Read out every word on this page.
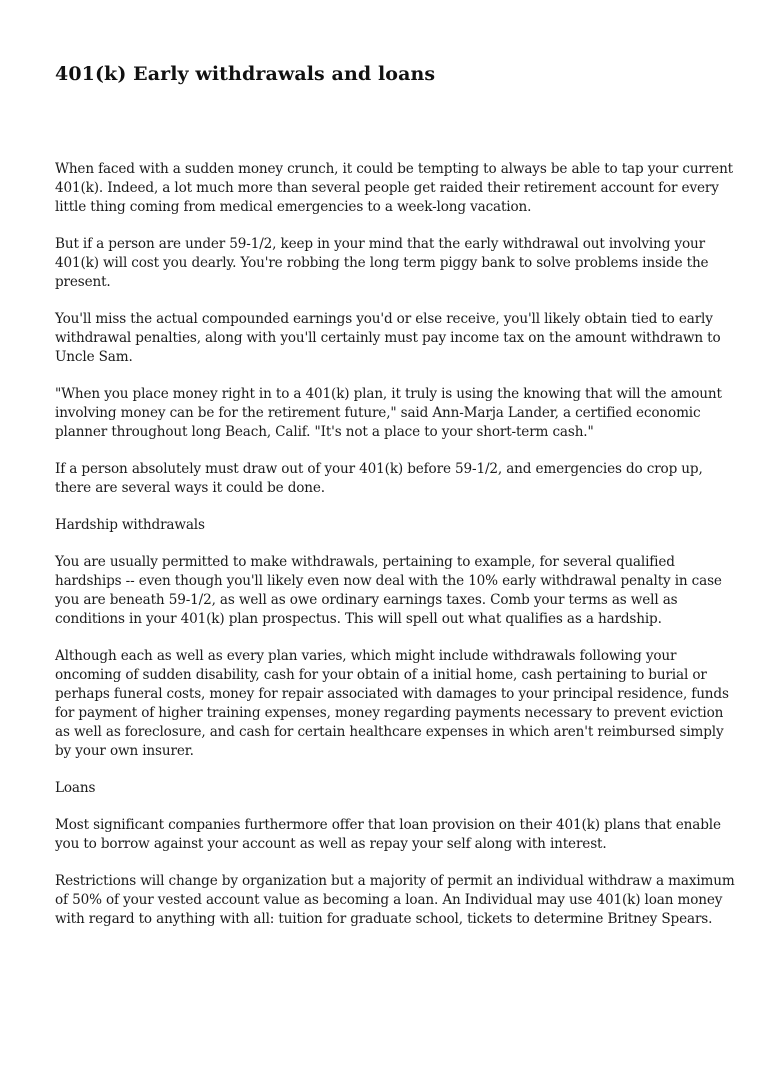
401(k) Early withdrawals and loans

When faced with a sudden money crunch, it could be tempting to always be able to tap your current
401(k). Indeed, a lot much more than several people get raided their retirement account for every
little thing coming from medical emergencies to a week-long vacation.

But if a person are under 59-1/2, keep in your mind that the early withdrawal out involving your
401(k) will cost you dearly. You're robbing the long term piggy bank to solve problems inside the
present.

You'll miss the actual compounded earnings you'd or else receive, you'll likely obtain tied to early
withdrawal penalties, along with you'll certainly must pay income tax on the amount withdrawn to
Uncle Sam.

"When you place money right in to a 401(k) plan, it truly is using the knowing that will the amount
involving money can be for the retirement future," said Ann-Marja Lander, a certified economic
planner throughout long Beach, Calif. "It's not a place to your short-term cash."

If a person absolutely must draw out of your 401(k) before 59-1/2, and emergencies do crop up,
there are several ways it could be done.

Hardship withdrawals

You are usually permitted to make withdrawals, pertaining to example, for several qualified
hardships -- even though you'll likely even now deal with the 10% early withdrawal penalty in case
you are beneath 59-1/2, as well as owe ordinary earnings taxes. Comb your terms as well as
conditions in your 401(k) plan prospectus. This will spell out what qualifies as a hardship.

Although each as well as every plan varies, which might include withdrawals following your
oncoming of sudden disability, cash for your obtain of a initial home, cash pertaining to burial or
perhaps funeral costs, money for repair associated with damages to your principal residence, funds
for payment of higher training expenses, money regarding payments necessary to prevent eviction
as well as foreclosure, and cash for certain healthcare expenses in which aren't reimbursed simply
by your own insurer.

Loans

Most significant companies furthermore offer that loan provision on their 401(k) plans that enable
you to borrow against your account as well as repay your self along with interest.

Restrictions will change by organization but a majority of permit an individual withdraw a maximum
of 50% of your vested account value as becoming a loan. An Individual may use 401(k) loan money
with regard to anything with all: tuition for graduate school, tickets to determine Britney Spears.
